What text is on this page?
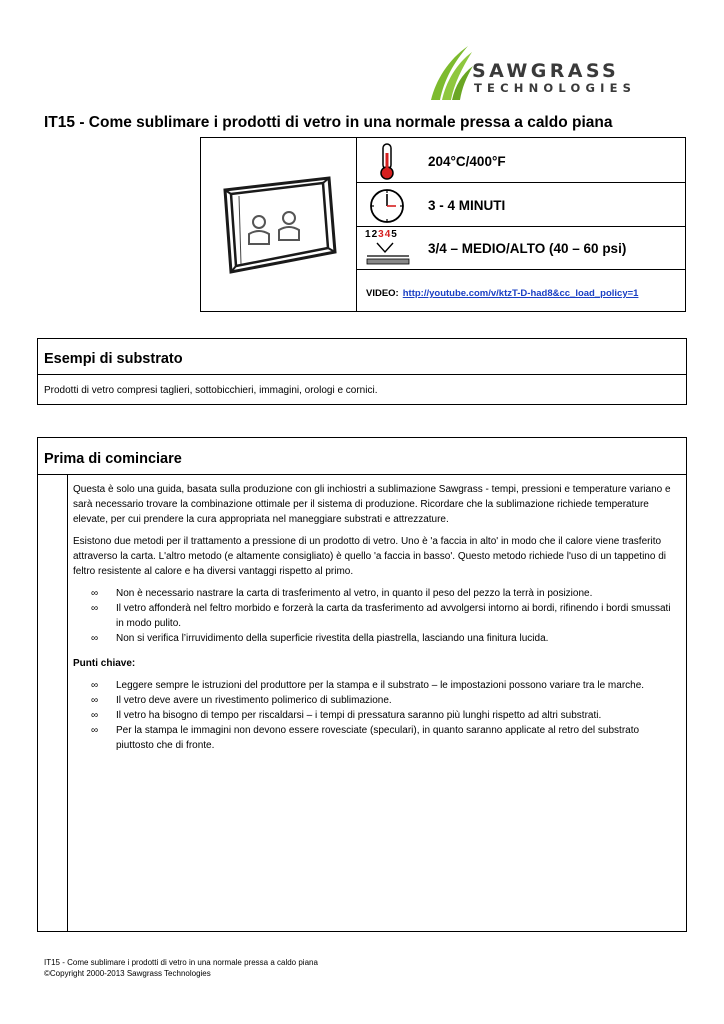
SAWGRASS
TECHNOLOGIES
IT15 - Come sublimare i prodotti di vetro in una normale pressa a caldo piana
204°C/400°F
3 - 4 MINUTI
12345
3/4 – MEDIO/ALTO (40 – 60 psi)
VIDEO: http://youtube.com/v/ktzT-D-had8&cc_load_policy=1
Esempi di substrato
Prodotti di vetro compresi taglieri, sottobicchieri, immagini, orologi e cornici.
Prima di cominciare

Questa è solo una guida, basata sulla produzione con gli inchiostri a sublimazione Sawgrass - tempi, pressioni e temperature variano e sarà necessario trovare la combinazione ottimale per il sistema di produzione. Ricordare che la sublimazione richiede temperature elevate, per cui prendere la cura appropriata nel maneggiare substrati e attrezzature.

Esistono due metodi per il trattamento a pressione di un prodotto di vetro. Uno è 'a faccia in alto' in modo che il calore viene trasferito attraverso la carta. L'altro metodo (e altamente consigliato) è quello 'a faccia in basso'. Questo metodo richiede l'uso di un tappetino di feltro resistente al calore e ha diversi vantaggi rispetto al primo.

∞ Non è necessario nastrare la carta di trasferimento al vetro, in quanto il peso del pezzo la terrà in posizione.
∞ Il vetro affonderà nel feltro morbido e forzerà la carta da trasferimento ad avvolgersi intorno ai bordi, rifinendo i bordi smussati in modo pulito.
∞ Non si verifica l’irruvidimento della superficie rivestita della piastrella, lasciando una finitura lucida.

Punti chiave:

∞ Leggere sempre le istruzioni del produttore per la stampa e il substrato – le impostazioni possono variare tra le marche.
∞ Il vetro deve avere un rivestimento polimerico di sublimazione.
∞ Il vetro ha bisogno di tempo per riscaldarsi – i tempi di pressatura saranno più lunghi rispetto ad altri substrati.
∞ Per la stampa le immagini non devono essere rovesciate (speculari), in quanto saranno applicate al retro del substrato piuttosto che di fronte.
IT15 - Come sublimare i prodotti di vetro in una normale pressa a caldo piana
©Copyright 2000-2013 Sawgrass Technologies
